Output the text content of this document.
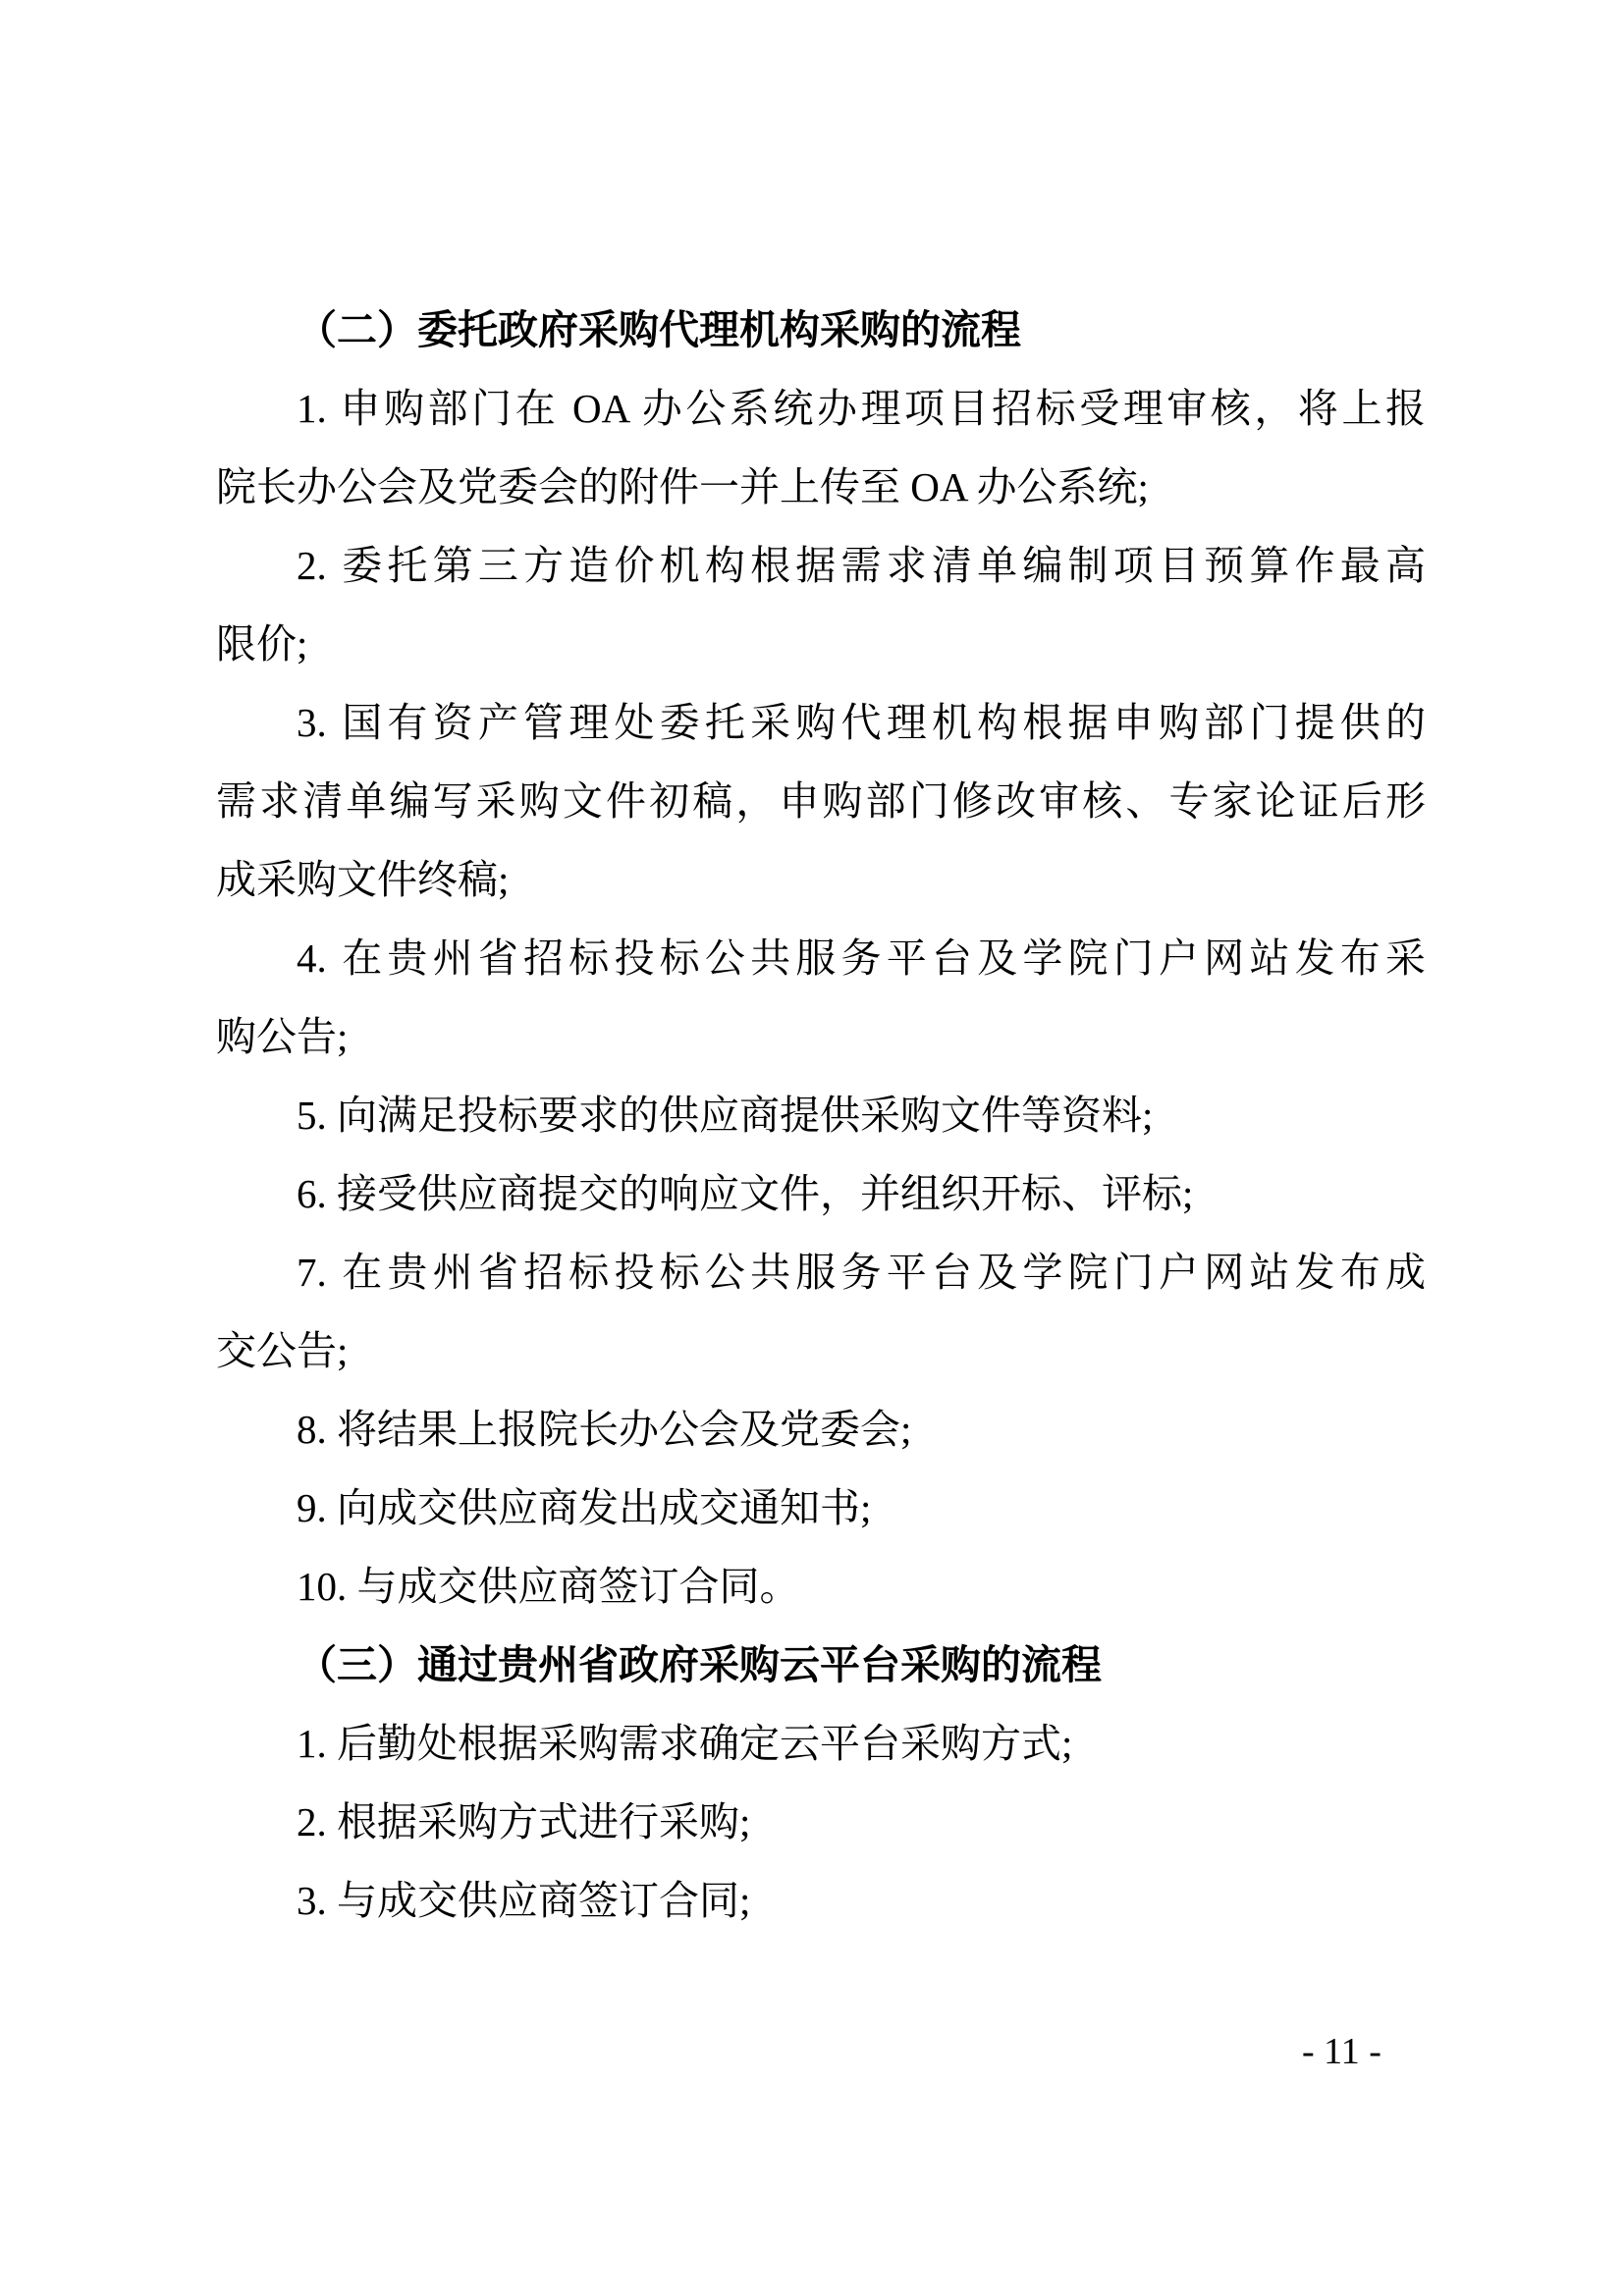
（二）委托政府采购代理机构采购的流程
1. 申购部门在 OA 办公系统办理项目招标受理审核，将上报
院长办公会及党委会的附件一并上传至 OA 办公系统;
2. 委托第三方造价机构根据需求清单编制项目预算作最高
限价;
3. 国有资产管理处委托采购代理机构根据申购部门提供的
需求清单编写采购文件初稿，申购部门修改审核、专家论证后形
成采购文件终稿;
4. 在贵州省招标投标公共服务平台及学院门户网站发布采
购公告;
5. 向满足投标要求的供应商提供采购文件等资料;
6. 接受供应商提交的响应文件，并组织开标、评标;
7. 在贵州省招标投标公共服务平台及学院门户网站发布成
交公告;
8. 将结果上报院长办公会及党委会;
9. 向成交供应商发出成交通知书;
10. 与成交供应商签订合同。
（三）通过贵州省政府采购云平台采购的流程
1. 后勤处根据采购需求确定云平台采购方式;
2. 根据采购方式进行采购;
3. 与成交供应商签订合同;
- 11 -
